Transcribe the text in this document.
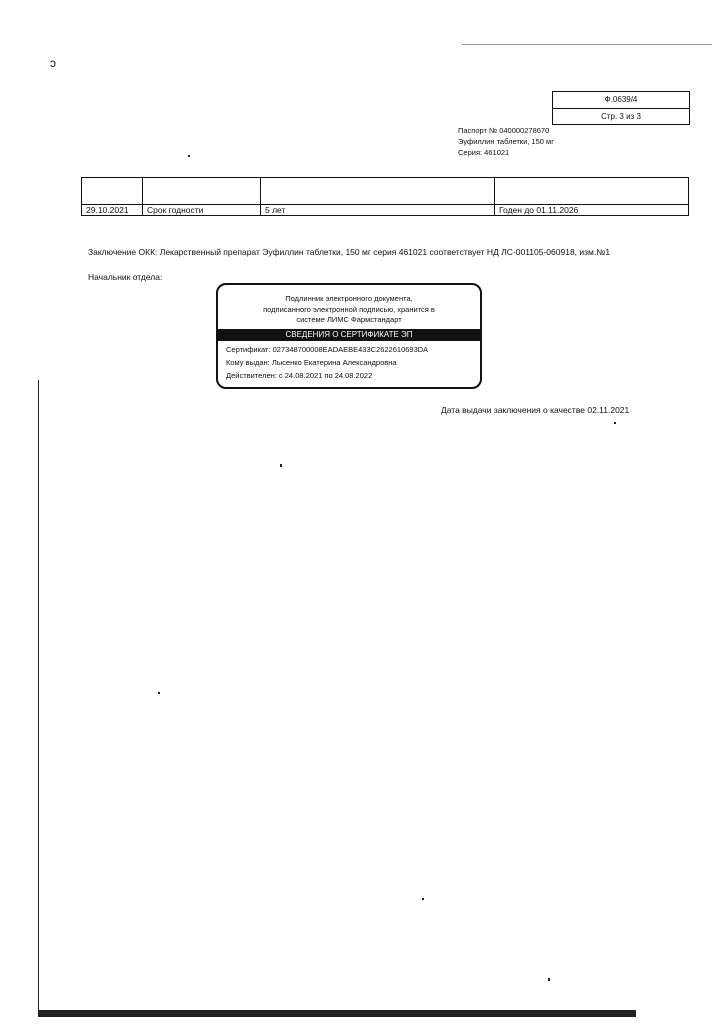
ↄ
Ф.0639/4
Стр. 3 из 3
Паспорт № 040000278670
Эуфиллин таблетки, 150 мг
Серия: 461021

29.10.2021	Срок годности	5 лет	Годен до 01.11.2026
Заключение ОКК: Лекарственный препарат Эуфиллин таблетки, 150 мг серия 461021 соответствует НД ЛС-001105-060918, изм.№1
Начальник отдела:
Подлинник электронного документа,
подписанного электронной подписью, хранится в
системе ЛИМС Фармстандарт
СВЕДЕНИЯ О СЕРТИФИКАТЕ ЭП
Сертификат: 027348700008EADAEBE433C2622610693DA
Кому выдан: Лысенко Екатерина Александровна
Действителен: с 24.08.2021 по 24.08.2022
Дата выдачи заключения о качестве 02.11.2021
